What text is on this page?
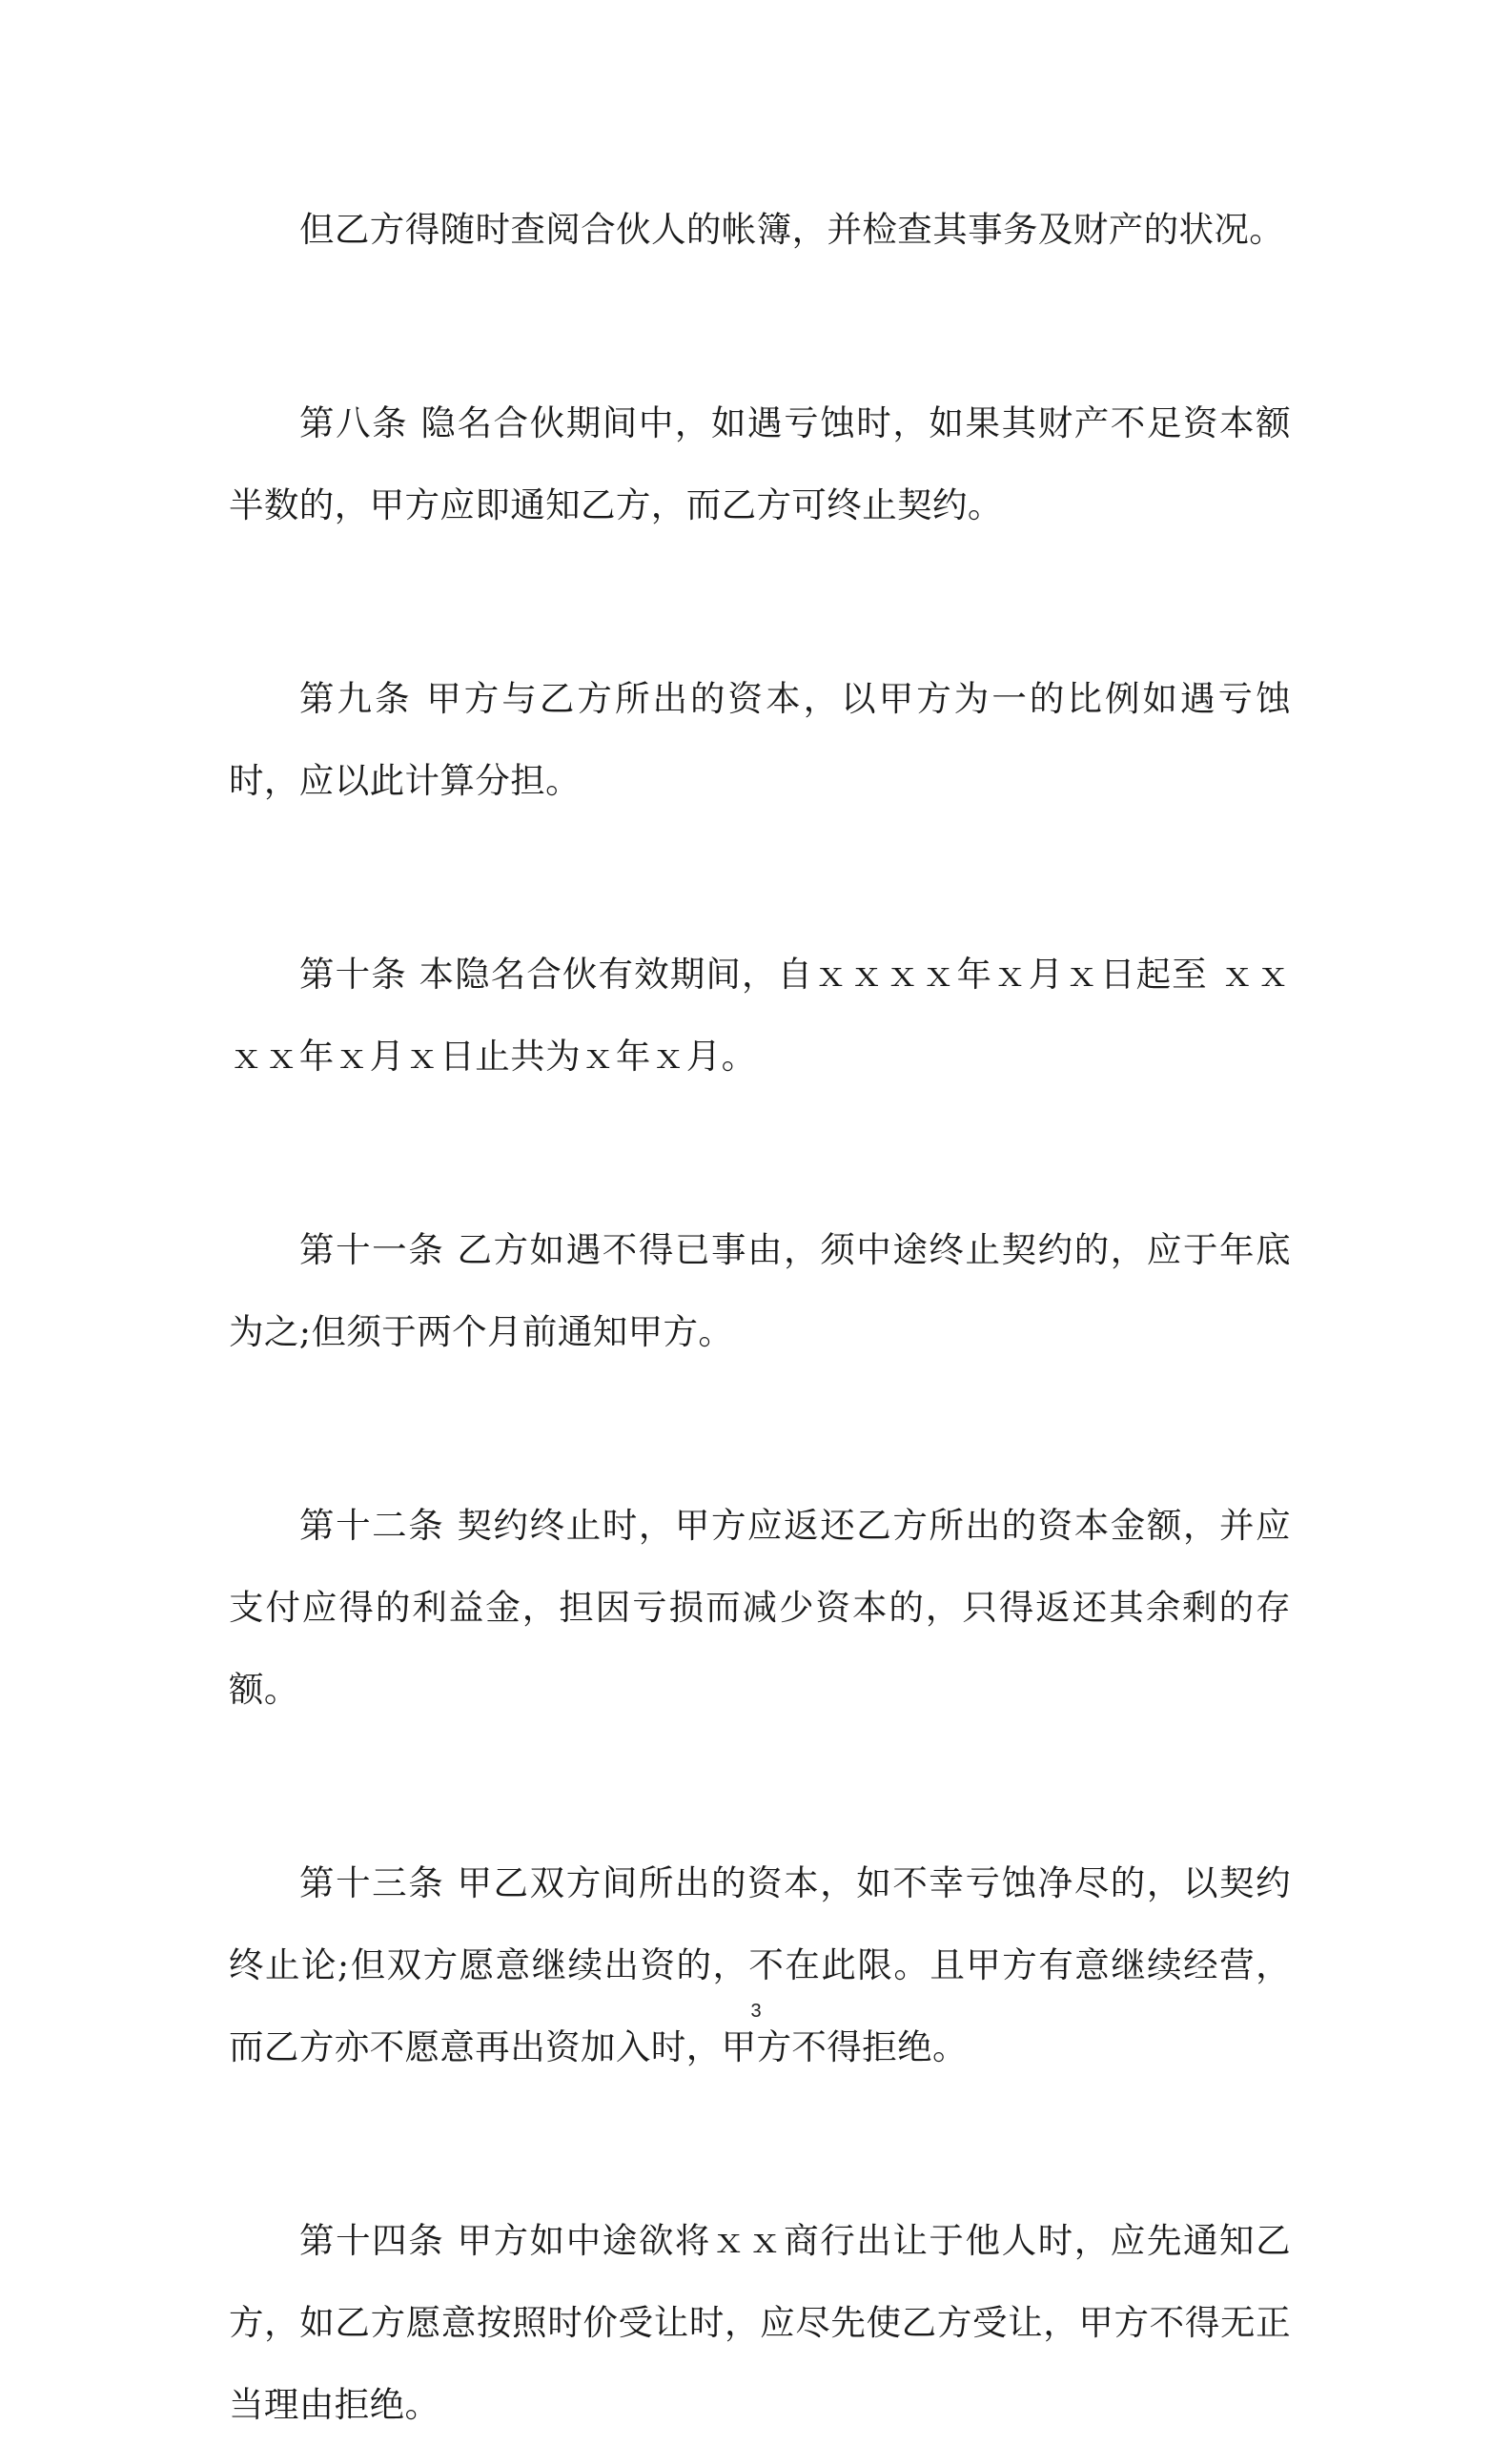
但乙方得随时查阅合伙人的帐簿，并检查其事务及财产的状况。

第八条 隐名合伙期间中，如遇亏蚀时，如果其财产不足资本额半数的，甲方应即通知乙方，而乙方可终止契约。

第九条 甲方与乙方所出的资本，以甲方为一的比例如遇亏蚀时，应以此计算分担。

第十条 本隐名合伙有效期间，自ｘｘｘｘ年ｘ月ｘ日起至 ｘｘｘｘ年ｘ月ｘ日止共为ｘ年ｘ月。

第十一条 乙方如遇不得已事由，须中途终止契约的，应于年底为之;但须于两个月前通知甲方。

第十二条 契约终止时，甲方应返还乙方所出的资本金额，并应支付应得的利益金，担因亏损而减少资本的，只得返还其余剩的存额。

第十三条 甲乙双方间所出的资本，如不幸亏蚀净尽的，以契约终止论;但双方愿意继续出资的，不在此限。且甲方有意继续经营，而乙方亦不愿意再出资加入时，甲方不得拒绝。

第十四条 甲方如中途欲将ｘｘ商行出让于他人时，应先通知乙方，如乙方愿意按照时价受让时，应尽先使乙方受让，甲方不得无正当理由拒绝。

3
